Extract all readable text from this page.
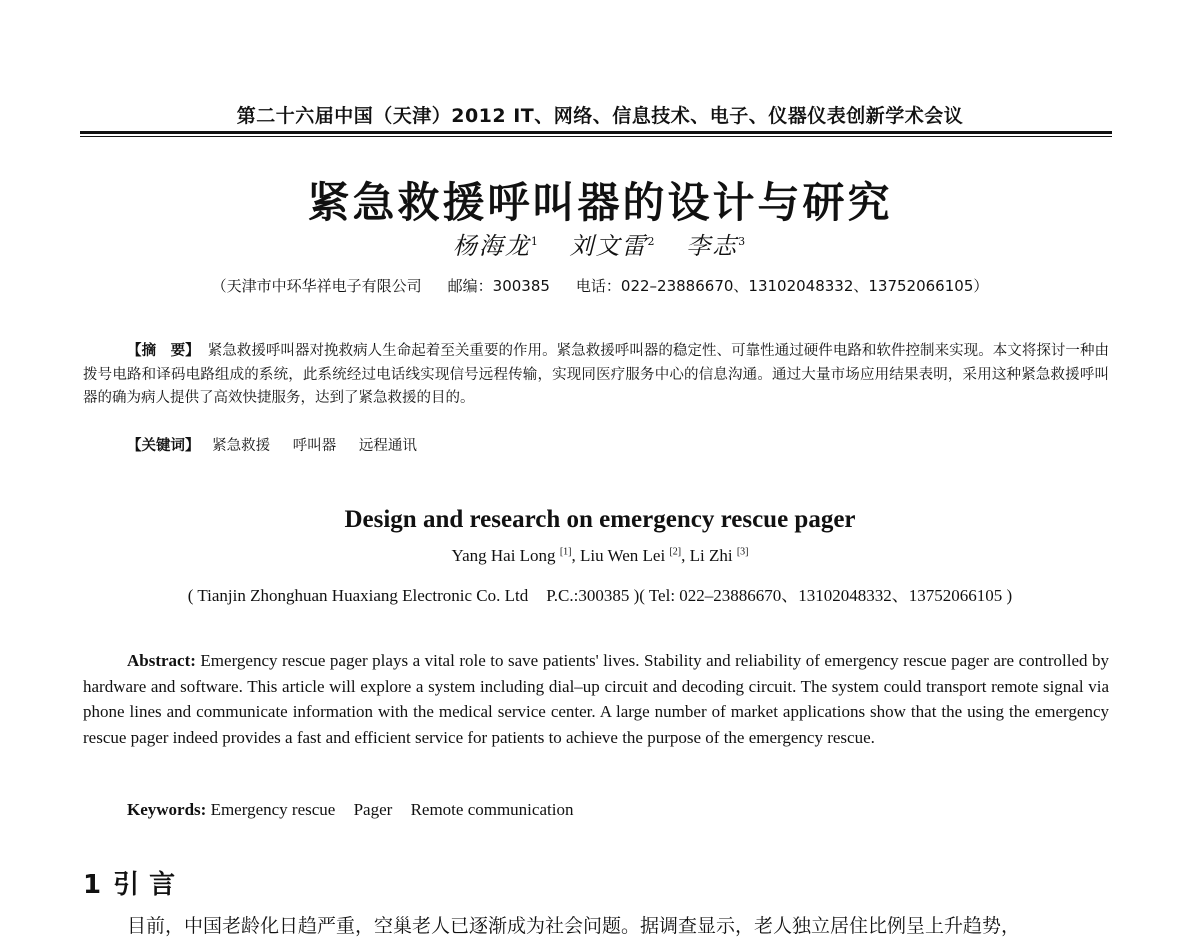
第二十六届中国（天津）2012 IT、网络、信息技术、电子、仪器仪表创新学术会议
紧急救援呼叫器的设计与研究
杨海龙$^1$ 刘文雷$^2$ 李志$^3$
（天津市中环华祥电子有限公司 邮编：300385 电话：022–23886670、13102048332、13752066105）
【摘　要】 紧急救援呼叫器对挽救病人生命起着至关重要的作用。紧急救援呼叫器的稳定性、可靠性通过硬件电路和软件控制来实现。本文将探讨一种由拨号电路和译码电路组成的系统，此系统经过电话线实现信号远程传输，实现同医疗服务中心的信息沟通。通过大量市场应用结果表明，采用这种紧急救援呼叫器的确为病人提供了高效快捷服务，达到了紧急救援的目的。
【关键词】 紧急救援 呼叫器 远程通讯
Design and research on emergency rescue pager
Yang Hai Long [1], Liu Wen Lei [2], Li Zhi [3]
( Tianjin Zhonghuan Huaxiang Electronic Co. Ltd P.C.:300385 )( Tel: 022–23886670、13102048332、13752066105 )
Abstract: Emergency rescue pager plays a vital role to save patients' lives. Stability and reliability of emergency rescue pager are controlled by hardware and software. This article will explore a system including dial–up circuit and decoding circuit. The system could transport remote signal via phone lines and communicate information with the medical service center. A large number of market applications show that the using the emergency rescue pager indeed provides a fast and efficient service for patients to achieve the purpose of the emergency rescue.
Keywords: Emergency rescue Pager Remote communication
1 引言
目前，中国老龄化日趋严重，空巢老人已逐渐成为社会问题。据调查显示，老人独立居住比例呈上升趋势，
